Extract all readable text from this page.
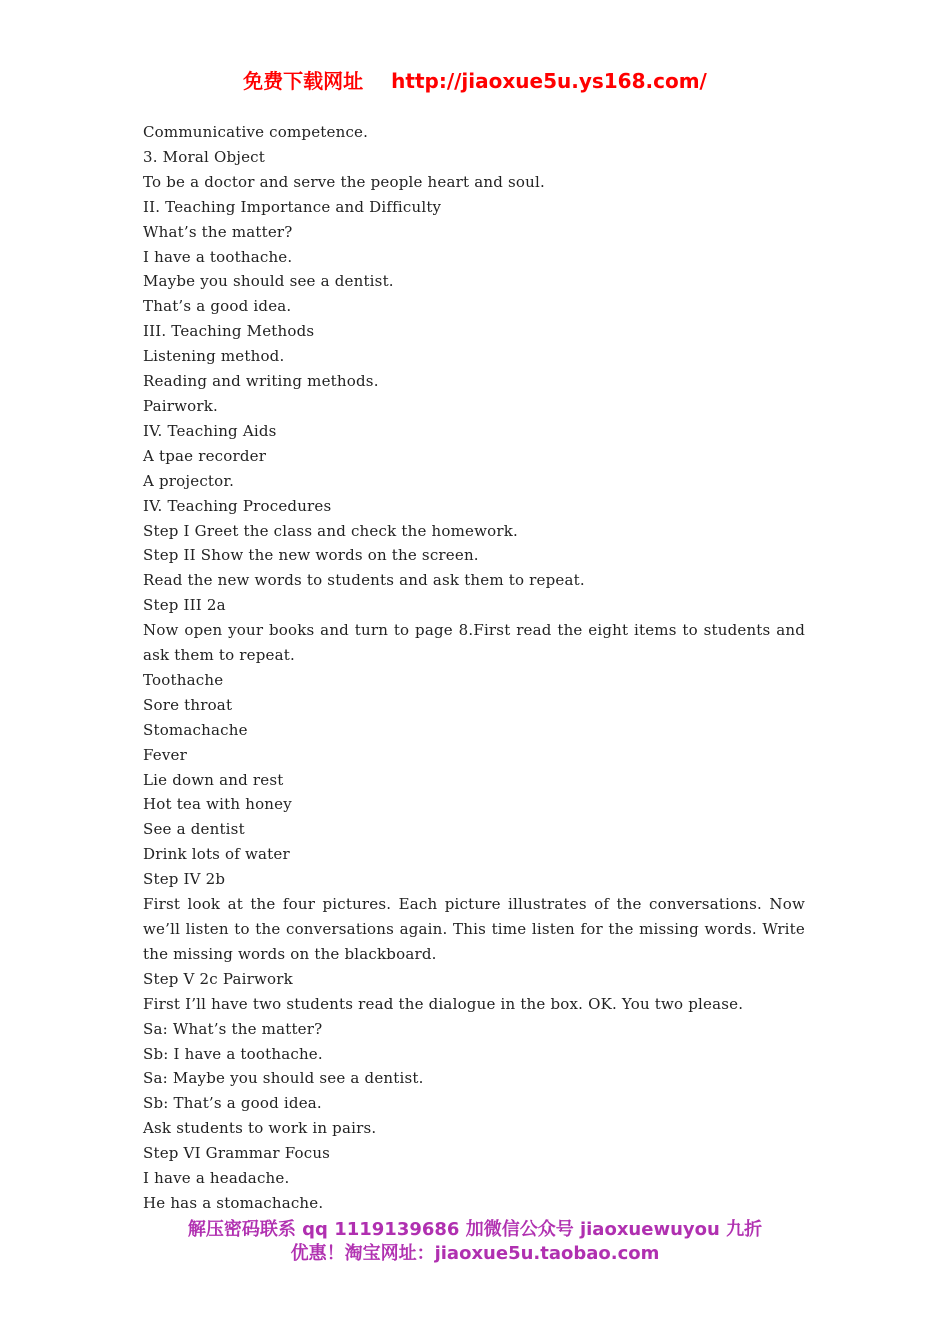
免费下载网址 http://jiaoxue5u.ys168.com/
Communicative competence.
3. Moral Object
To be a doctor and serve the people heart and soul.
II. Teaching Importance and Difficulty
What’s the matter?
I have a toothache.
Maybe you should see a dentist.
That’s a good idea.
III. Teaching Methods
Listening method.
Reading and writing methods.
Pairwork.
IV. Teaching Aids
A tpae recorder
A projector.
IV. Teaching Procedures
Step I Greet the class and check the homework.
Step II Show the new words on the screen.
Read the new words to students and ask them to repeat.
Step III 2a
Now open your books and turn to page 8.First read the eight items to students and ask them to repeat.
Toothache
Sore throat
Stomachache
Fever
Lie down and rest
Hot tea with honey
See a dentist
Drink lots of water
Step IV 2b
First look at the four pictures. Each picture illustrates of the conversations. Now we’ll listen to the conversations again. This time listen for the missing words. Write the missing words on the blackboard.
Step V 2c Pairwork
First I’ll have two students read the dialogue in the box. OK. You two please.
Sa: What’s the matter?
Sb: I have a toothache.
Sa: Maybe you should see a dentist.
Sb: That’s a good idea.
Ask students to work in pairs.
Step VI Grammar Focus
I have a headache.
He has a stomachache.
解压密码联系 qq 1119139686 加微信公众号 jiaoxuewuyou 九折
优惠！淘宝网址：jiaoxue5u.taobao.com
